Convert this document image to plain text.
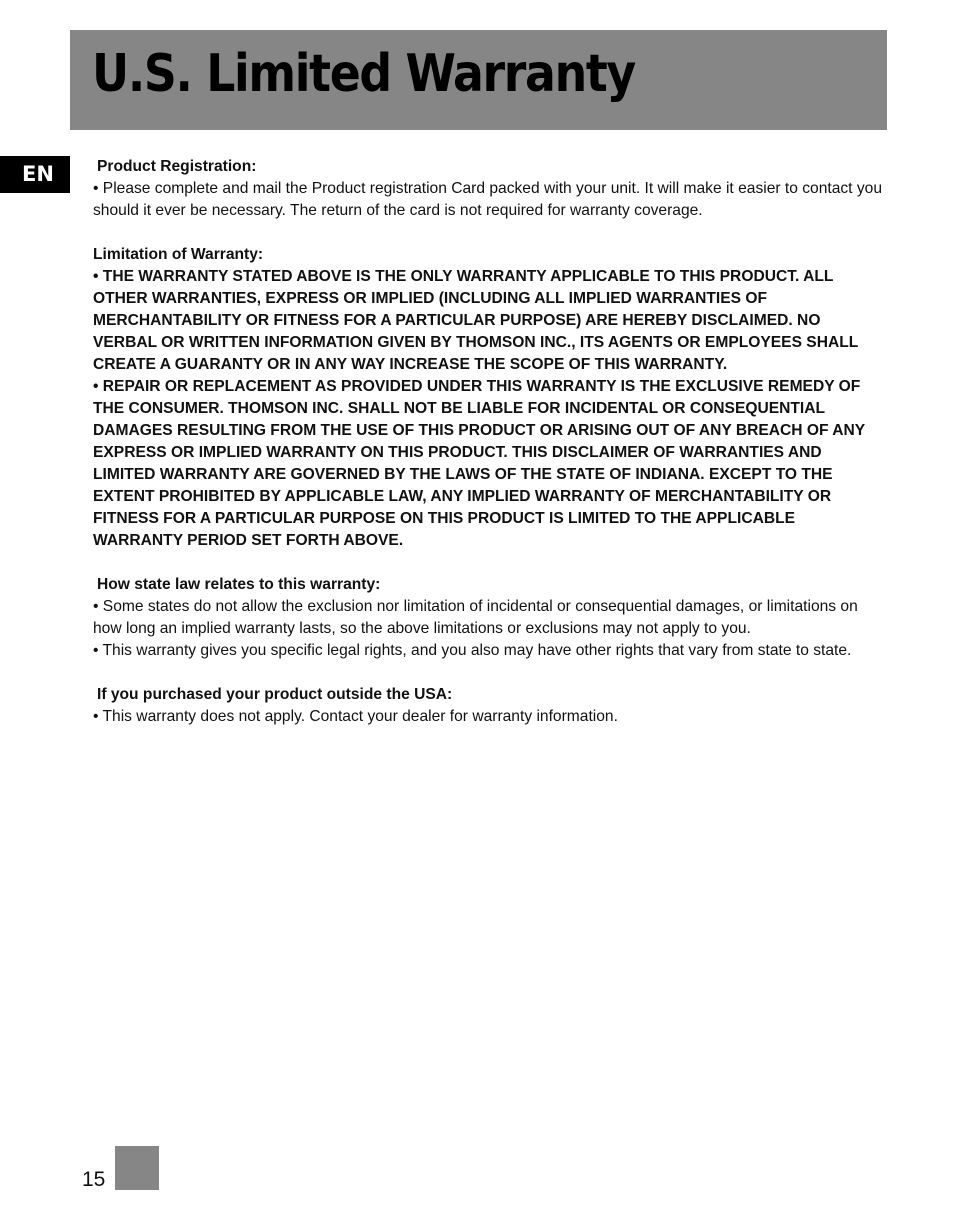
U.S. Limited Warranty
EN	Product Registration:

• Please complete and mail the Product registration Card packed with your unit. It will make it easier to contact you should it ever be necessary. The return of the card is not required for warranty coverage.

Limitation of Warranty:

• THE WARRANTY STATED ABOVE IS THE ONLY WARRANTY APPLICABLE TO THIS PRODUCT. ALL OTHER WARRANTIES, EXPRESS OR IMPLIED (INCLUDING ALL IMPLIED WARRANTIES OF MERCHANTABILITY OR FITNESS FOR A PARTICULAR PURPOSE) ARE HEREBY DISCLAIMED. NO VERBAL OR WRITTEN INFORMATION GIVEN BY THOMSON INC., ITS AGENTS OR EMPLOYEES SHALL CREATE A GUARANTY OR IN ANY WAY INCREASE THE SCOPE OF THIS WARRANTY.

• REPAIR OR REPLACEMENT AS PROVIDED UNDER THIS WARRANTY IS THE EXCLUSIVE REMEDY OF THE CONSUMER. THOMSON INC. SHALL NOT BE LIABLE FOR INCIDENTAL OR CONSEQUENTIAL DAMAGES RESULTING FROM THE USE OF THIS PRODUCT OR ARISING OUT OF ANY BREACH OF ANY EXPRESS OR IMPLIED WARRANTY ON THIS PRODUCT. THIS DISCLAIMER OF WARRANTIES AND LIMITED WARRANTY ARE GOVERNED BY THE LAWS OF THE STATE OF INDIANA. EXCEPT TO THE EXTENT PROHIBITED BY APPLICABLE LAW, ANY IMPLIED WARRANTY OF MERCHANTABILITY OR FITNESS FOR A PARTICULAR PURPOSE ON THIS PRODUCT IS LIMITED TO THE APPLICABLE WARRANTY PERIOD SET FORTH ABOVE.

How state law relates to this warranty:

• Some states do not allow the exclusion nor limitation of incidental or consequential damages, or limitations on how long an implied warranty lasts, so the above limitations or exclusions may not apply to you.

• This warranty gives you specific legal rights, and you also may have other rights that vary from state to state.

If you purchased your product outside the USA:

• This warranty does not apply. Contact your dealer for warranty information.

15
